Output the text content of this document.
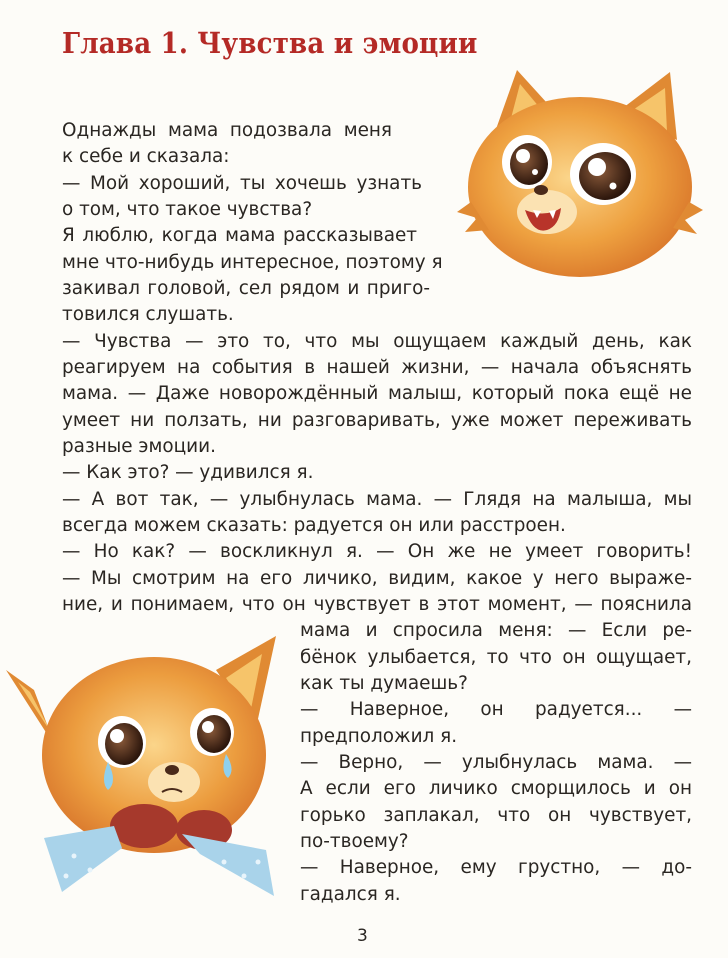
Глава 1. Чувства и эмоции
Однажды мама подозвала меня
к себе и сказала:
— Мой хороший, ты хочешь узнать
о том, что такое чувства?
Я люблю, когда мама рассказывает
мне что-нибудь интересное, поэтому я
закивал головой, сел рядом и приго-
товился слушать.
— Чувства — это то, что мы ощущаем каждый день, как
реагируем на события в нашей жизни, — начала объяснять
мама. — Даже новорождённый малыш, который пока ещё не
умеет ни ползать, ни разговаривать, уже может переживать
разные эмоции.
— Как это? — удивился я.
— А вот так, — улыбнулась мама. — Глядя на малыша, мы
всегда можем сказать: радуется он или расстроен.
— Но как? — воскликнул я. — Он же не умеет говорить!
— Мы смотрим на его личико, видим, какое у него выраже-
ние, и понимаем, что он чувствует в этот момент, — пояснила
мама и спросила меня: — Если ре-
бёнок улыбается, то что он ощущает,
как ты думаешь?
— Наверное, он радуется... —
предположил я.
— Верно, — улыбнулась мама. —
А если его личико сморщилось и он
горько заплакал, что он чувствует,
по-твоему?
— Наверное, ему грустно, — до-
гадался я.
3
